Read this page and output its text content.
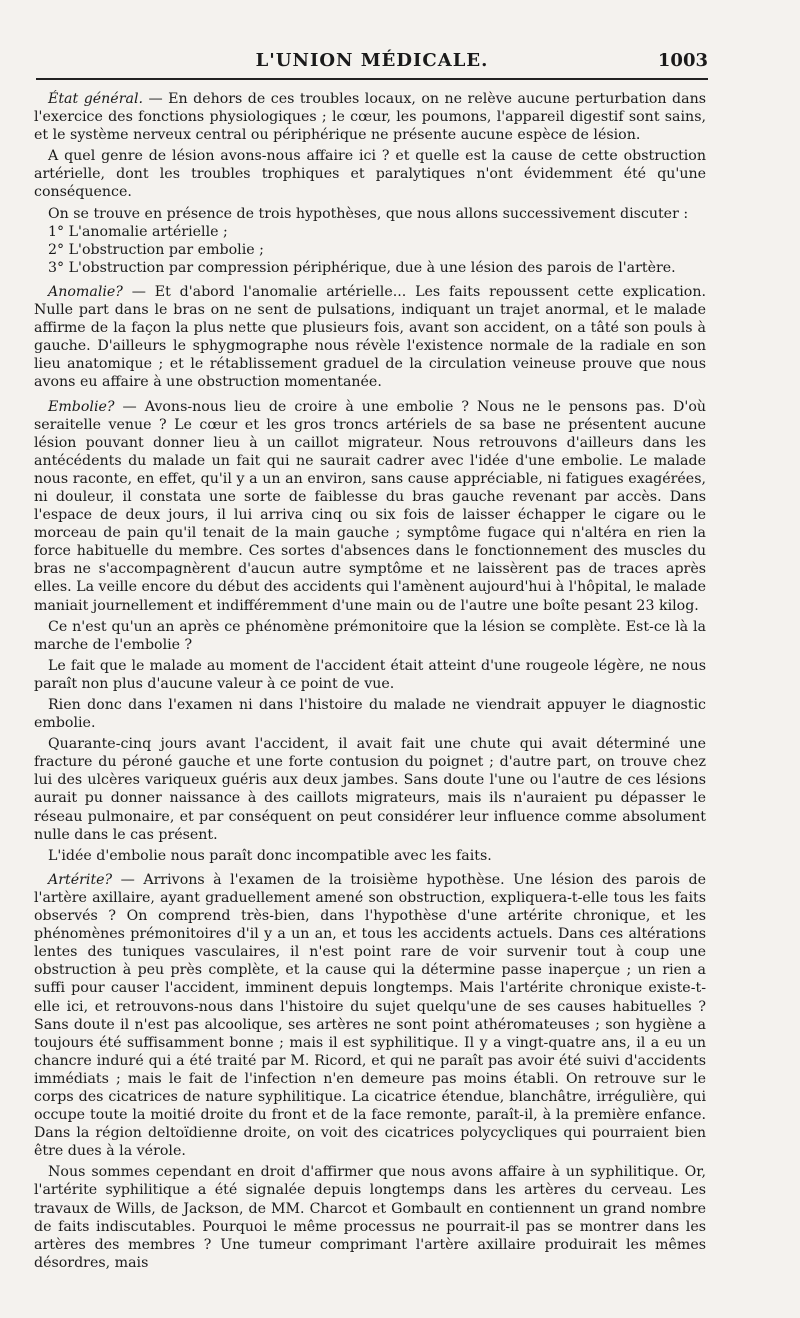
L'UNION MÉDICALE.	1003

État général. — En dehors de ces troubles locaux, on ne relève aucune perturbation dans l'exercice des fonctions physiologiques ; le cœur, les poumons, l'appareil digestif sont sains, et le système nerveux central ou périphérique ne présente aucune espèce de lésion.

A quel genre de lésion avons-nous affaire ici ? et quelle est la cause de cette obstruction artérielle, dont les troubles trophiques et paralytiques n'ont évidemment été qu'une conséquence.

On se trouve en présence de trois hypothèses, que nous allons successivement discuter :

1° L'anomalie artérielle ;

2° L'obstruction par embolie ;

3° L'obstruction par compression périphérique, due à une lésion des parois de l'artère.

Anomalie? — Et d'abord l'anomalie artérielle... Les faits repoussent cette explication. Nulle part dans le bras on ne sent de pulsations, indiquant un trajet anormal, et le malade affirme de la façon la plus nette que plusieurs fois, avant son accident, on a tâté son pouls à gauche. D'ailleurs le sphygmographe nous révèle l'existence normale de la radiale en son lieu anatomique ; et le rétablissement graduel de la circulation veineuse prouve que nous avons eu affaire à une obstruction momentanée.

Embolie? — Avons-nous lieu de croire à une embolie ? Nous ne le pensons pas. D'où seraitelle venue ? Le cœur et les gros troncs artériels de sa base ne présentent aucune lésion pouvant donner lieu à un caillot migrateur. Nous retrouvons d'ailleurs dans les antécédents du malade un fait qui ne saurait cadrer avec l'idée d'une embolie. Le malade nous raconte, en effet, qu'il y a un an environ, sans cause appréciable, ni fatigues exagérées, ni douleur, il constata une sorte de faiblesse du bras gauche revenant par accès. Dans l'espace de deux jours, il lui arriva cinq ou six fois de laisser échapper le cigare ou le morceau de pain qu'il tenait de la main gauche ; symptôme fugace qui n'altéra en rien la force habituelle du membre. Ces sortes d'absences dans le fonctionnement des muscles du bras ne s'accompagnèrent d'aucun autre symptôme et ne laissèrent pas de traces après elles. La veille encore du début des accidents qui l'amènent aujourd'hui à l'hôpital, le malade maniait journellement et indifféremment d'une main ou de l'autre une boîte pesant 23 kilog.

Ce n'est qu'un an après ce phénomène prémonitoire que la lésion se complète. Est-ce là la marche de l'embolie ?

Le fait que le malade au moment de l'accident était atteint d'une rougeole légère, ne nous paraît non plus d'aucune valeur à ce point de vue.

Rien donc dans l'examen ni dans l'histoire du malade ne viendrait appuyer le diagnostic embolie.

Quarante-cinq jours avant l'accident, il avait fait une chute qui avait déterminé une fracture du péroné gauche et une forte contusion du poignet ; d'autre part, on trouve chez lui des ulcères variqueux guéris aux deux jambes. Sans doute l'une ou l'autre de ces lésions aurait pu donner naissance à des caillots migrateurs, mais ils n'auraient pu dépasser le réseau pulmonaire, et par conséquent on peut considérer leur influence comme absolument nulle dans le cas présent.

L'idée d'embolie nous paraît donc incompatible avec les faits.

Artérite? — Arrivons à l'examen de la troisième hypothèse. Une lésion des parois de l'artère axillaire, ayant graduellement amené son obstruction, expliquera-t-elle tous les faits observés ? On comprend très-bien, dans l'hypothèse d'une artérite chronique, et les phénomènes prémonitoires d'il y a un an, et tous les accidents actuels. Dans ces altérations lentes des tuniques vasculaires, il n'est point rare de voir survenir tout à coup une obstruction à peu près complète, et la cause qui la détermine passe inaperçue ; un rien a suffi pour causer l'accident, imminent depuis longtemps. Mais l'artérite chronique existe-t-elle ici, et retrouvons-nous dans l'histoire du sujet quelqu'une de ses causes habituelles ? Sans doute il n'est pas alcoolique, ses artères ne sont point athéromateuses ; son hygiène a toujours été suffisamment bonne ; mais il est syphilitique. Il y a vingt-quatre ans, il a eu un chancre induré qui a été traité par M. Ricord, et qui ne paraît pas avoir été suivi d'accidents immédiats ; mais le fait de l'infection n'en demeure pas moins établi. On retrouve sur le corps des cicatrices de nature syphilitique. La cicatrice étendue, blanchâtre, irrégulière, qui occupe toute la moitié droite du front et de la face remonte, paraît-il, à la première enfance. Dans la région deltoïdienne droite, on voit des cicatrices polycycliques qui pourraient bien être dues à la vérole.

Nous sommes cependant en droit d'affirmer que nous avons affaire à un syphilitique. Or, l'artérite syphilitique a été signalée depuis longtemps dans les artères du cerveau. Les travaux de Wills, de Jackson, de MM. Charcot et Gombault en contiennent un grand nombre de faits indiscutables. Pourquoi le même processus ne pourrait-il pas se montrer dans les artères des membres ? Une tumeur comprimant l'artère axillaire produirait les mêmes désordres, mais
